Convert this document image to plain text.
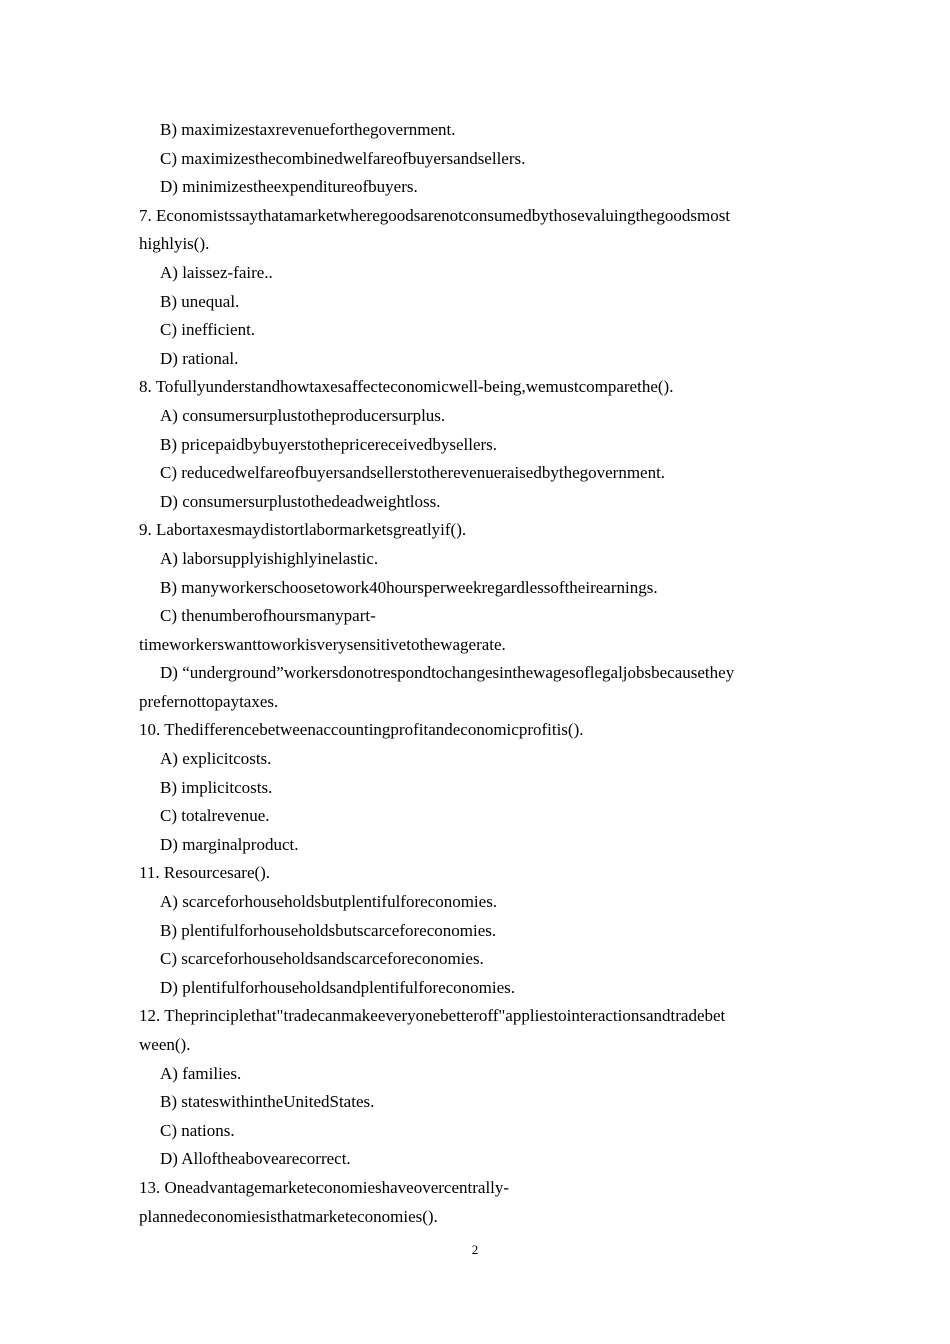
B) maximizestaxrevenueforthegovernment.
C) maximizesthecombinedwelfareofbuyersandsellers.
D) minimizestheexpenditureofbuyers.
7. Economistssaythatamarketwheregoodsarenotconsumedbythosevaluingthegoodsmost
highlyis().
A) laissez-faire..
B) unequal.
C) inefficient.
D) rational.
8. Tofullyunderstandhowtaxesaffecteconomicwell-being,wemustcomparethe().
A) consumersurplustotheproducersurplus.
B) pricepaidbybuyerstothepricereceivedbysellers.
C) reducedwelfareofbuyersandsellerstotherevenueraisedbythegovernment.
D) consumersurplustothedeadweightloss.
9. Labortaxesmaydistortlabormarketsgreatlyif().
A) laborsupplyishighlyinelastic.
B) manyworkerschoosetowork40hoursperweekregardlessoftheirearnings.
C) thenumberofhoursmanypart-
timeworkerswanttoworkisverysensitivetothewagerate.
D) “underground”workersdonotrespondtochangesinthewagesoflegaljobsbecausethey
prefernottopaytaxes.
10. Thedifferencebetweenaccountingprofitandeconomicprofitis().
A) explicitcosts.
B) implicitcosts.
C) totalrevenue.
D) marginalproduct.
11. Resourcesare().
A) scarceforhouseholdsbutplentifulforeconomies.
B) plentifulforhouseholdsbutscarceforeconomies.
C) scarceforhouseholdsandscarceforeconomies.
D) plentifulforhouseholdsandplentifulforeconomies.
12. Theprinciplethat"tradecanmakeeveryonebetteroff"appliestointeractionsandtradebet
ween().
A) families.
B) stateswithintheUnitedStates.
C) nations.
D) Alloftheabovearecorrect.
13. Oneadvantagemarketeconomieshaveovercentrally-
plannedeconomiesisthatmarketeconomies().
2
